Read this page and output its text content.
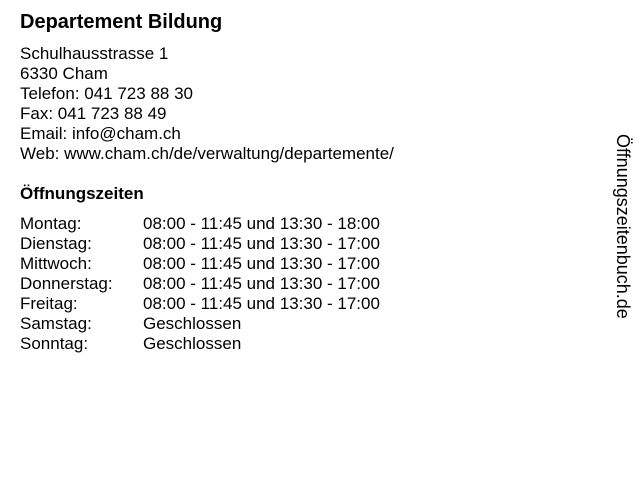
Departement Bildung
Schulhausstrasse 1
6330 Cham
Telefon: 041 723 88 30
Fax: 041 723 88 49
Email: info@cham.ch
Web: www.cham.ch/de/verwaltung/departemente/
Öffnungszeiten
Montag:	08:00 - 11:45 und 13:30 - 18:00
Dienstag:	08:00 - 11:45 und 13:30 - 17:00
Mittwoch:	08:00 - 11:45 und 13:30 - 17:00
Donnerstag: 08:00 - 11:45 und 13:30 - 17:00
Freitag:	08:00 - 11:45 und 13:30 - 17:00
Samstag:	Geschlossen
Sonntag:	Geschlossen
Öffnungszeitenbuch.de
